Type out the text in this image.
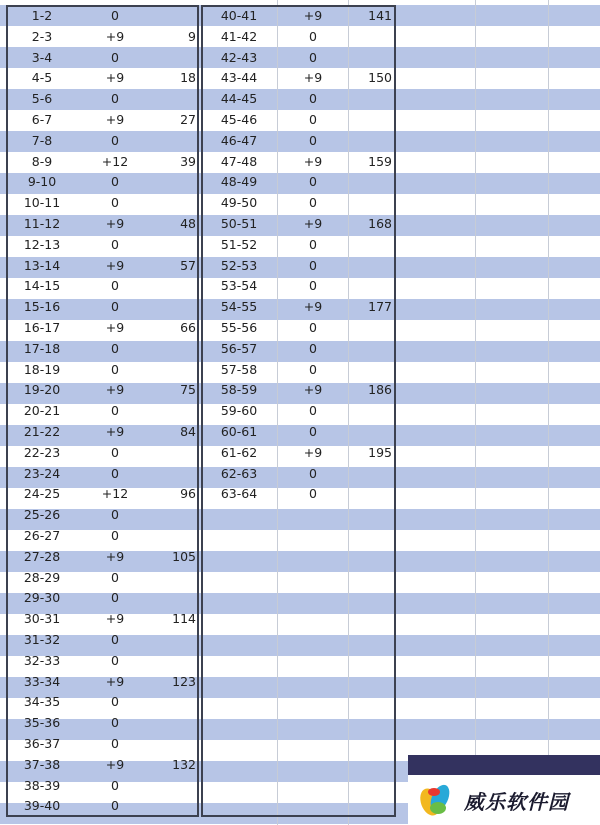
1-2	0
2-3	+9	9
3-4	0
4-5	+9	18
5-6	0
6-7	+9	27
7-8	0
8-9	+12	39
9-10	0
10-11	0
11-12	+9	48
12-13	0
13-14	+9	57
14-15	0
15-16	0
16-17	+9	66
17-18	0
18-19	0
19-20	+9	75
20-21	0
21-22	+9	84
22-23	0
23-24	0
24-25	+12	96
25-26	0
26-27	0
27-28	+9	105
28-29	0
29-30	0
30-31	+9	114
31-32	0
32-33	0
33-34	+9	123
34-35	0
35-36	0
36-37	0
37-38	+9	132
38-39	0
39-40	0
40-41	+9	141
41-42	0
42-43	0
43-44	+9	150
44-45	0
45-46	0
46-47	0
47-48	+9	159
48-49	0
49-50	0
50-51	+9	168
51-52	0
52-53	0
53-54	0
54-55	+9	177
55-56	0
56-57	0
57-58	0
58-59	+9	186
59-60	0
60-61	0
61-62	+9	195
62-63	0
63-64	0
威乐软件园
